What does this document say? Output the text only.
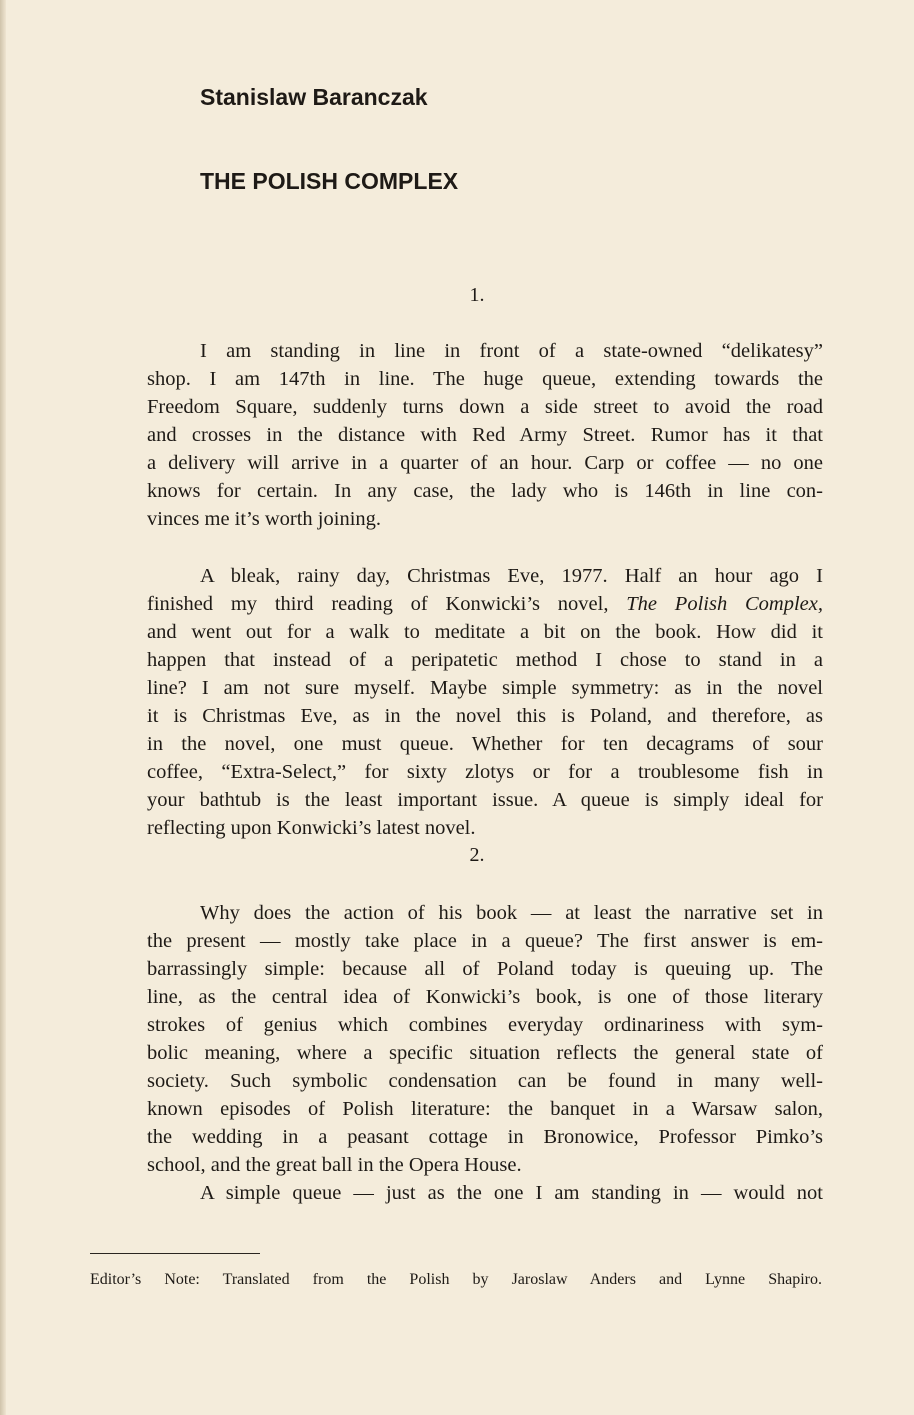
Stanislaw Baranczak
THE POLISH COMPLEX
1.
I am standing in line in front of a state-owned “delikatesy”
shop. I am 147th in line. The huge queue, extending towards the
Freedom Square, suddenly turns down a side street to avoid the road
and crosses in the distance with Red Army Street. Rumor has it that
a delivery will arrive in a quarter of an hour. Carp or coffee — no one
knows for certain. In any case, the lady who is 146th in line con-
vinces me it’s worth joining.
A bleak, rainy day, Christmas Eve, 1977. Half an hour ago I
finished my third reading of Konwicki’s novel, The Polish Complex,
and went out for a walk to meditate a bit on the book. How did it
happen that instead of a peripatetic method I chose to stand in a
line? I am not sure myself. Maybe simple symmetry: as in the novel
it is Christmas Eve, as in the novel this is Poland, and therefore, as
in the novel, one must queue. Whether for ten decagrams of sour
coffee, “Extra-Select,” for sixty zlotys or for a troublesome fish in
your bathtub is the least important issue. A queue is simply ideal for
reflecting upon Konwicki’s latest novel.
2.
Why does the action of his book — at least the narrative set in
the present — mostly take place in a queue? The first answer is em-
barrassingly simple: because all of Poland today is queuing up. The
line, as the central idea of Konwicki’s book, is one of those literary
strokes of genius which combines everyday ordinariness with sym-
bolic meaning, where a specific situation reflects the general state of
society. Such symbolic condensation can be found in many well-
known episodes of Polish literature: the banquet in a Warsaw salon,
the wedding in a peasant cottage in Bronowice, Professor Pimko’s
school, and the great ball in the Opera House.
A simple queue — just as the one I am standing in — would not
Editor’s Note: Translated from the Polish by Jaroslaw Anders and Lynne Shapiro.
